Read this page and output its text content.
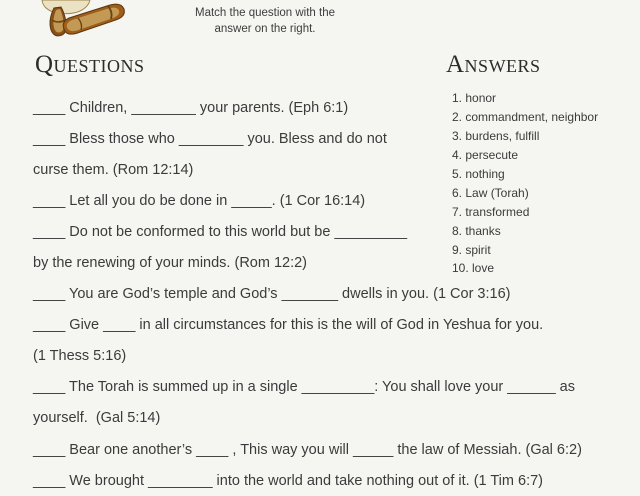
Match the question with the
answer on the right.
Questions	Answers
____ Children, ________ your parents. (Eph 6:1)
____ Bless those who ________ you. Bless and do not
curse them. (Rom 12:14)
____ Let all you do be done in _____. (1 Cor 16:14)
____ Do not be conformed to this world but be _________
by the renewing of your minds. (Rom 12:2)
____ You are God’s temple and God’s _______ dwells in you. (1 Cor 3:16)
____ Give ____ in all circumstances for this is the will of God in Yeshua for you.
(1 Thess 5:16)
____ The Torah is summed up in a single _________: You shall love your ______ as
yourself.  (Gal 5:14)
____ Bear one another’s ____ , This way you will _____ the law of Messiah. (Gal 6:2)
____ We brought ________ into the world and take nothing out of it. (1 Tim 6:7)
1. honor
2. commandment, neighbor
3. burdens, fulfill
4. persecute
5. nothing
6. Law (Torah)
7. transformed
8. thanks
9. spirit
10. love
